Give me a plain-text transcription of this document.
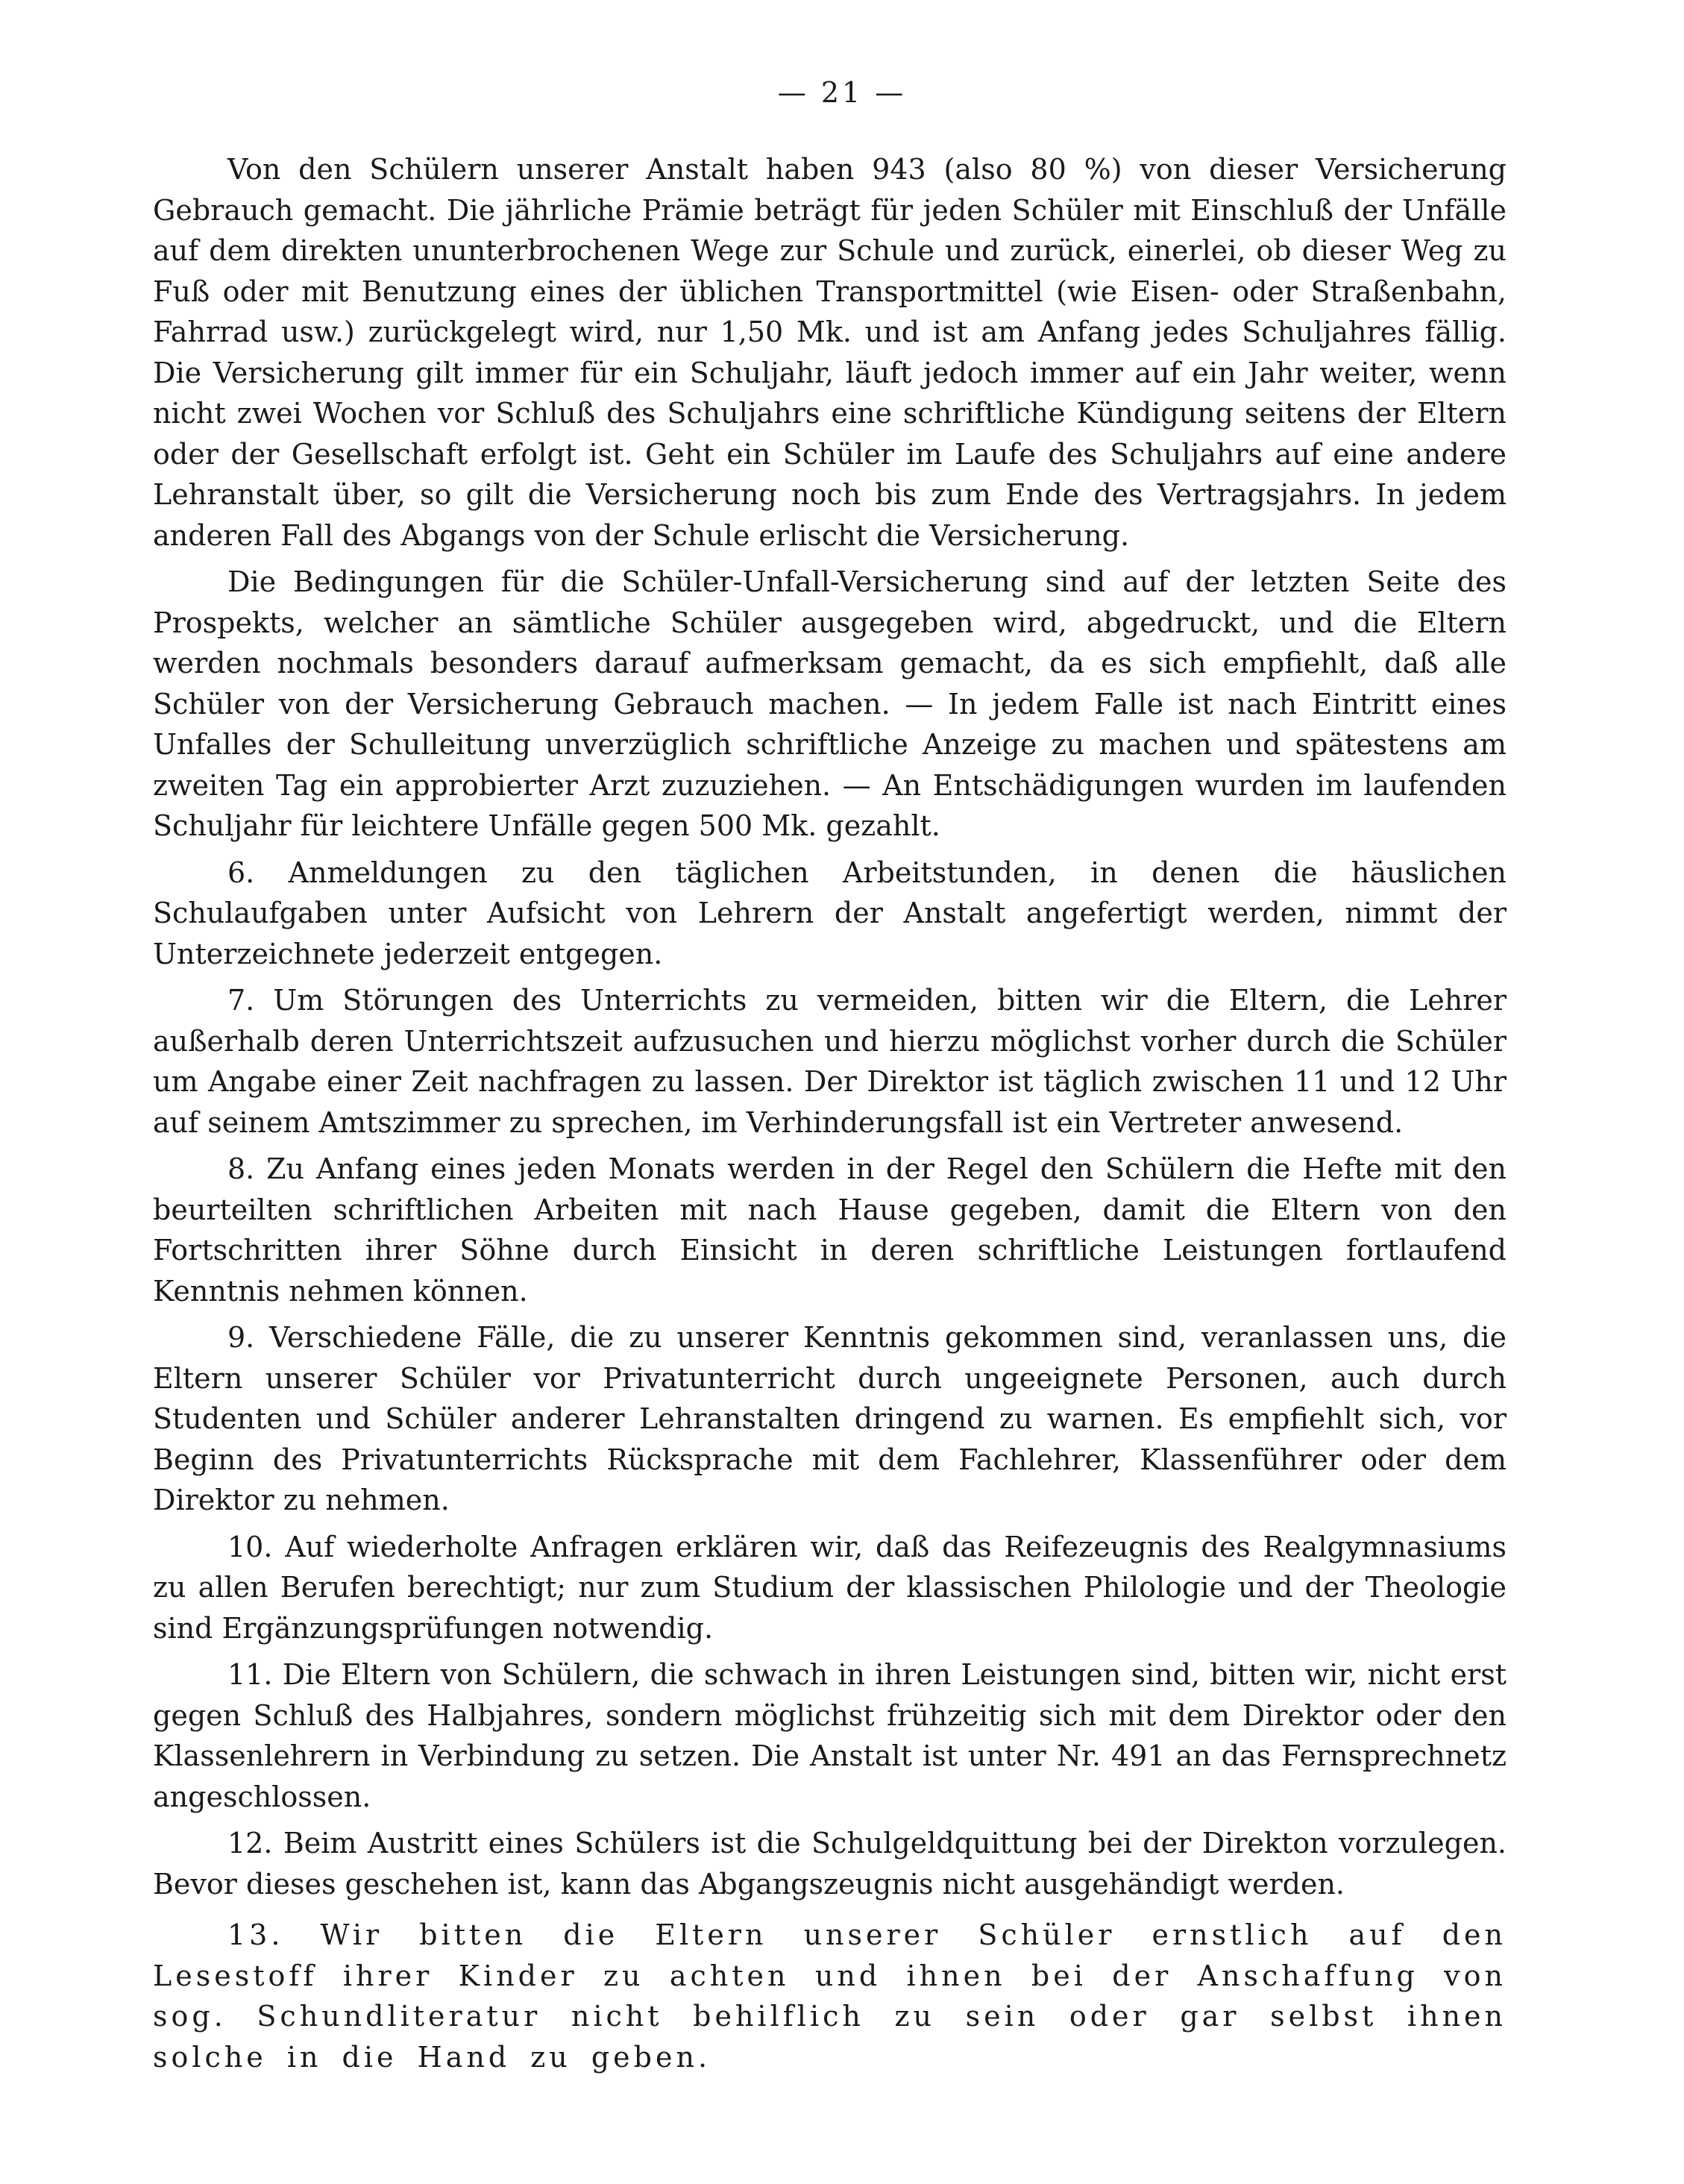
— 21 —

Von den Schülern unserer Anstalt haben 943 (also 80 %) von dieser Versicherung Gebrauch gemacht. Die jährliche Prämie beträgt für jeden Schüler mit Einschluß der Unfälle auf dem direkten ununterbrochenen Wege zur Schule und zurück, einerlei, ob dieser Weg zu Fuß oder mit Benutzung eines der üblichen Transportmittel (wie Eisen- oder Straßenbahn, Fahrrad usw.) zurückgelegt wird, nur 1,50 Mk. und ist am Anfang jedes Schuljahres fällig. Die Versicherung gilt immer für ein Schuljahr, läuft jedoch immer auf ein Jahr weiter, wenn nicht zwei Wochen vor Schluß des Schuljahrs eine schriftliche Kündigung seitens der Eltern oder der Gesellschaft erfolgt ist. Geht ein Schüler im Laufe des Schuljahrs auf eine andere Lehranstalt über, so gilt die Versicherung noch bis zum Ende des Vertragsjahrs. In jedem anderen Fall des Abgangs von der Schule erlischt die Versicherung.

Die Bedingungen für die Schüler-Unfall-Versicherung sind auf der letzten Seite des Prospekts, welcher an sämtliche Schüler ausgegeben wird, abgedruckt, und die Eltern werden nochmals besonders darauf aufmerksam gemacht, da es sich empfiehlt, daß alle Schüler von der Versicherung Gebrauch machen. — In jedem Falle ist nach Eintritt eines Unfalles der Schulleitung unverzüglich schriftliche Anzeige zu machen und spätestens am zweiten Tag ein approbierter Arzt zuzuziehen. — An Entschädigungen wurden im laufenden Schuljahr für leichtere Unfälle gegen 500 Mk. gezahlt.

6. Anmeldungen zu den täglichen Arbeitstunden, in denen die häuslichen Schulaufgaben unter Aufsicht von Lehrern der Anstalt angefertigt werden, nimmt der Unterzeichnete jederzeit entgegen.

7. Um Störungen des Unterrichts zu vermeiden, bitten wir die Eltern, die Lehrer außerhalb deren Unterrichtszeit aufzusuchen und hierzu möglichst vorher durch die Schüler um Angabe einer Zeit nachfragen zu lassen. Der Direktor ist täglich zwischen 11 und 12 Uhr auf seinem Amtszimmer zu sprechen, im Verhinderungsfall ist ein Vertreter anwesend.

8. Zu Anfang eines jeden Monats werden in der Regel den Schülern die Hefte mit den beurteilten schriftlichen Arbeiten mit nach Hause gegeben, damit die Eltern von den Fortschritten ihrer Söhne durch Einsicht in deren schriftliche Leistungen fortlaufend Kenntnis nehmen können.

9. Verschiedene Fälle, die zu unserer Kenntnis gekommen sind, veranlassen uns, die Eltern unserer Schüler vor Privatunterricht durch ungeeignete Personen, auch durch Studenten und Schüler anderer Lehranstalten dringend zu warnen. Es empfiehlt sich, vor Beginn des Privatunterrichts Rücksprache mit dem Fachlehrer, Klassenführer oder dem Direktor zu nehmen.

10. Auf wiederholte Anfragen erklären wir, daß das Reifezeugnis des Realgymnasiums zu allen Berufen berechtigt; nur zum Studium der klassischen Philologie und der Theologie sind Ergänzungsprüfungen notwendig.

11. Die Eltern von Schülern, die schwach in ihren Leistungen sind, bitten wir, nicht erst gegen Schluß des Halbjahres, sondern möglichst frühzeitig sich mit dem Direktor oder den Klassenlehrern in Verbindung zu setzen. Die Anstalt ist unter Nr. 491 an das Fernsprechnetz angeschlossen.

12. Beim Austritt eines Schülers ist die Schulgeldquittung bei der Direkton vorzulegen. Bevor dieses geschehen ist, kann das Abgangszeugnis nicht ausgehändigt werden.

13. Wir bitten die Eltern unserer Schüler ernstlich auf den Lesestoff ihrer Kinder zu achten und ihnen bei der Anschaffung von sog. Schundliteratur nicht behilflich zu sein oder gar selbst ihnen solche in die Hand zu geben.
